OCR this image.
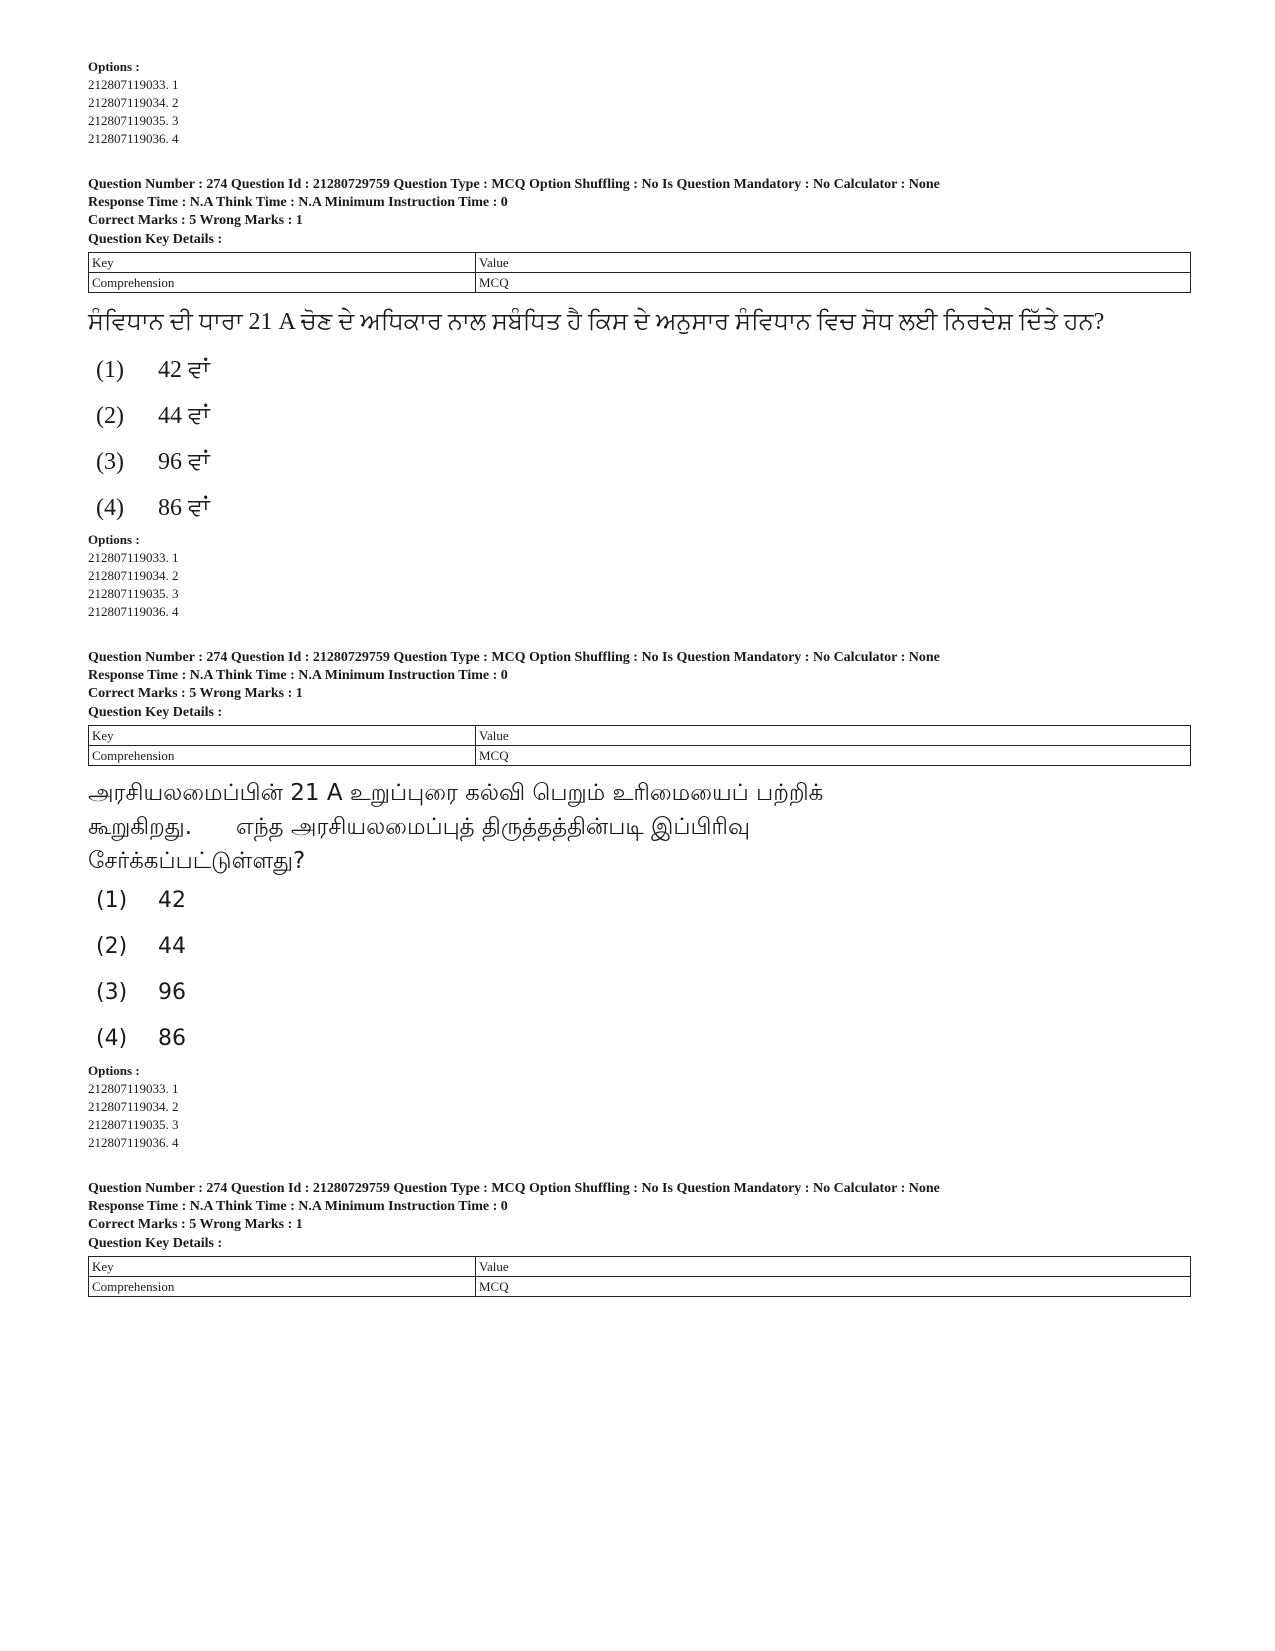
Options :
212807119033. 1
212807119034. 2
212807119035. 3
212807119036. 4
Question Number : 274 Question Id : 21280729759 Question Type : MCQ Option Shuffling : No Is Question Mandatory : No Calculator : None
Response Time : N.A Think Time : N.A Minimum Instruction Time : 0
Correct Marks : 5 Wrong Marks : 1
Question Key Details :
Key	Value
Comprehension	MCQ
ਸੰਵਿਧਾਨ ਦੀ ਧਾਰਾ 21 A ਚੋਣ ਦੇ ਅਧਿਕਾਰ ਨਾਲ ਸਬੰਧਿਤ ਹੈ ਕਿਸ ਦੇ ਅਨੁਸਾਰ ਸੰਵਿਧਾਨ ਵਿਚ ਸੋਧ ਲਈ ਨਿਰਦੇਸ਼ ਦਿੱਤੇ ਹਨ?
(1)	42 ਵਾਂ
(2)	44 ਵਾਂ
(3)	96 ਵਾਂ
(4)	86 ਵਾਂ
Options :
212807119033. 1
212807119034. 2
212807119035. 3
212807119036. 4
Question Number : 274 Question Id : 21280729759 Question Type : MCQ Option Shuffling : No Is Question Mandatory : No Calculator : None
Response Time : N.A Think Time : N.A Minimum Instruction Time : 0
Correct Marks : 5 Wrong Marks : 1
Question Key Details :
Key	Value
Comprehension	MCQ
அரசியலமைப்பின் 21 A உறுப்புரை கல்வி பெறும் உரிமையைப் பற்றிக்
கூறுகிறது.      எந்த அரசியலமைப்புத் திருத்தத்தின்படி இப்பிரிவு
சேர்க்கப்பட்டுள்ளது?
(1)	42
(2)	44
(3)	96
(4)	86
Options :
212807119033. 1
212807119034. 2
212807119035. 3
212807119036. 4
Question Number : 274 Question Id : 21280729759 Question Type : MCQ Option Shuffling : No Is Question Mandatory : No Calculator : None
Response Time : N.A Think Time : N.A Minimum Instruction Time : 0
Correct Marks : 5 Wrong Marks : 1
Question Key Details :
Key	Value
Comprehension	MCQ
